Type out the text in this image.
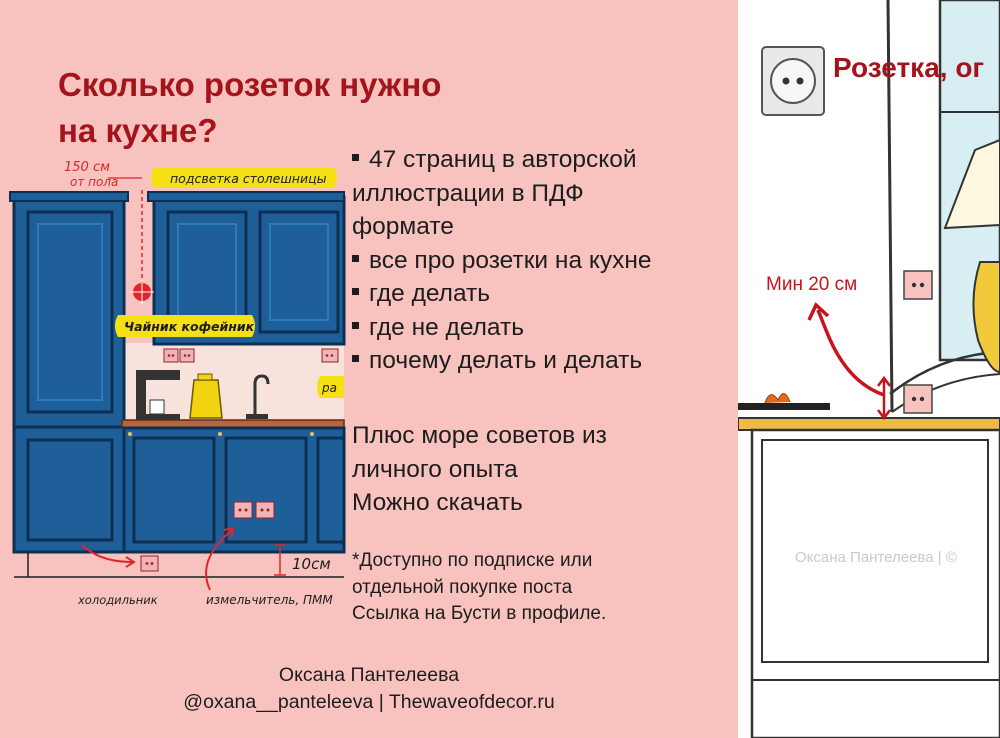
150 см
от пола	подсветка столешницы
Чайник кофейник
ра
10см
холодильник	измельчитель, ПММ
Сколько розеток нужно
на кухне?
47 страниц в авторской
иллюстрации в ПДФ
формате
все про розетки на кухне
где делать
где не делать
почему делать и делать
Плюс море советов из
личного опыта
Можно скачать
*Доступно по подписке или
отдельной покупке поста
Ссылка на Бусти в профиле.
Оксана Пантелеева
@oxana__panteleeva | Thewaveofdecor.ru
Розетка, ог
Мин 20 см
Оксана Пантелеева | ©
